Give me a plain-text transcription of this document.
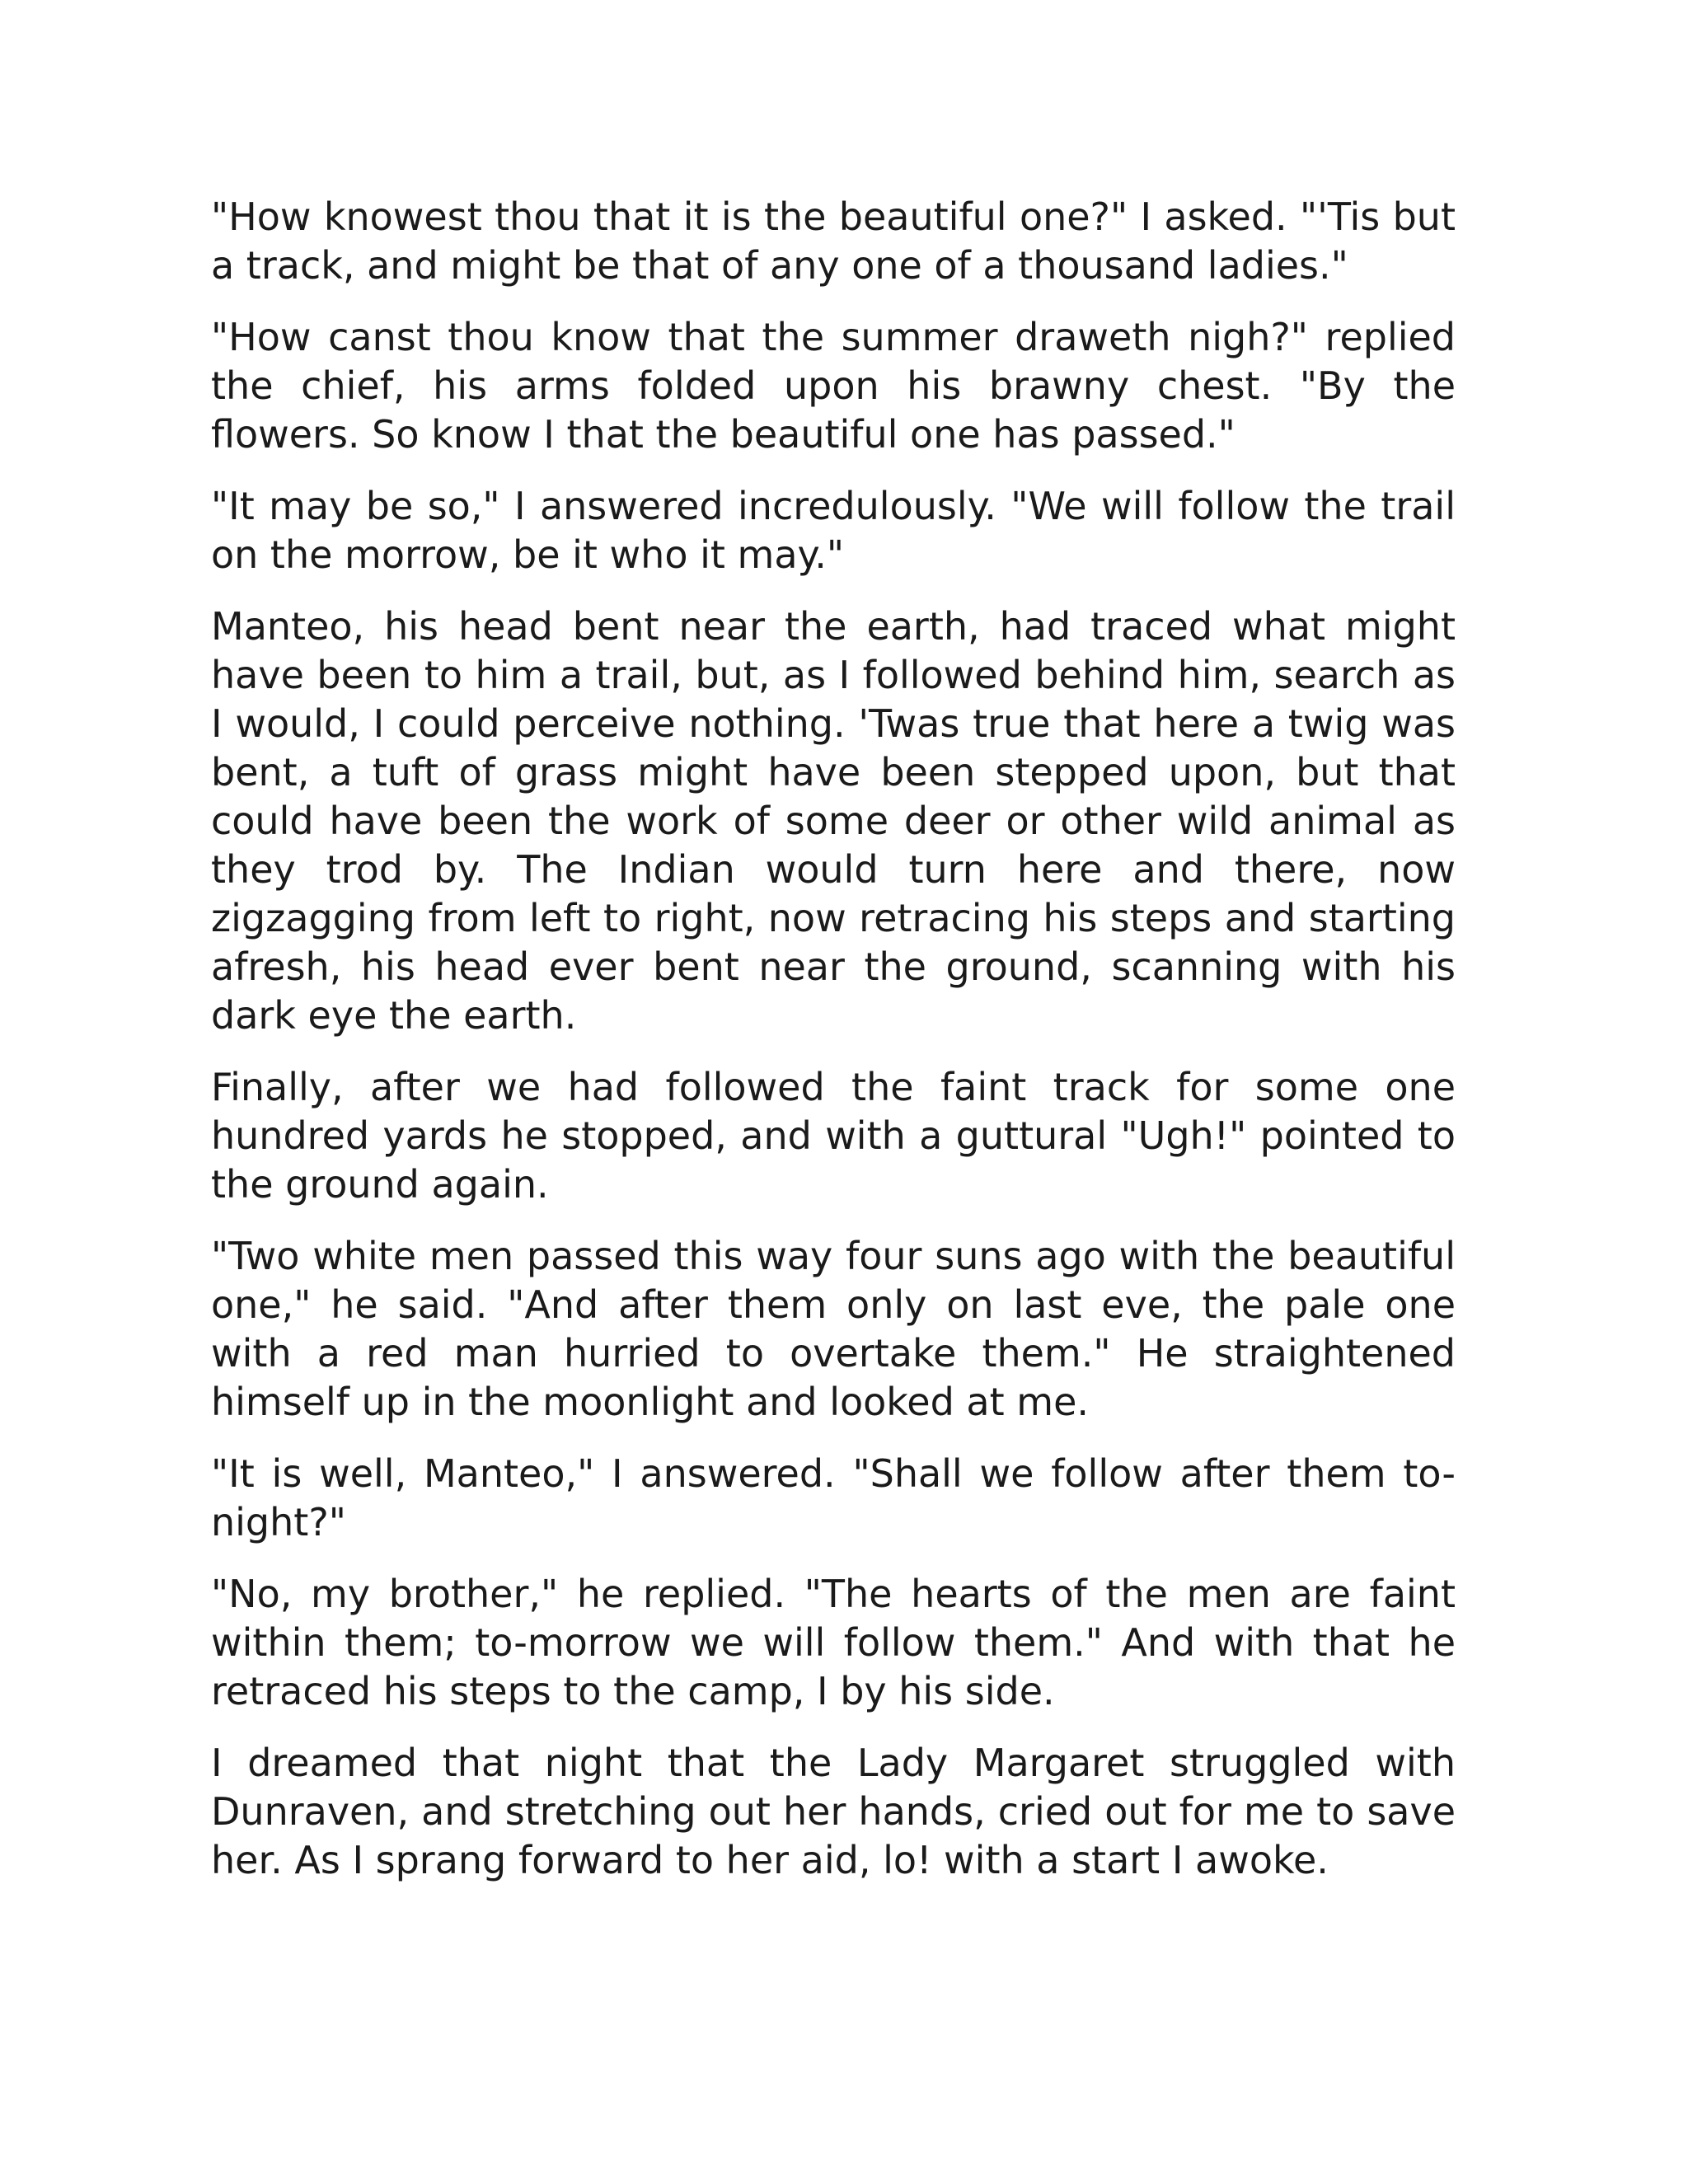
"How knowest thou that it is the beautiful one?" I asked. "'Tis but a track, and might be that of any one of a thousand ladies."

"How canst thou know that the summer draweth nigh?" replied the chief, his arms folded upon his brawny chest. "By the flowers. So know I that the beautiful one has passed."

"It may be so," I answered incredulously. "We will follow the trail on the morrow, be it who it may."

Manteo, his head bent near the earth, had traced what might have been to him a trail, but, as I followed behind him, search as I would, I could perceive nothing. 'Twas true that here a twig was bent, a tuft of grass might have been stepped upon, but that could have been the work of some deer or other wild animal as they trod by. The Indian would turn here and there, now zigzagging from left to right, now retracing his steps and starting afresh, his head ever bent near the ground, scanning with his dark eye the earth.

Finally, after we had followed the faint track for some one hundred yards he stopped, and with a guttural "Ugh!" pointed to the ground again.

"Two white men passed this way four suns ago with the beautiful one," he said. "And after them only on last eve, the pale one with a red man hurried to overtake them." He straightened himself up in the moonlight and looked at me.

"It is well, Manteo," I answered. "Shall we follow after them to-night?"

"No, my brother," he replied. "The hearts of the men are faint within them; to-morrow we will follow them." And with that he retraced his steps to the camp, I by his side.

I dreamed that night that the Lady Margaret struggled with Dunraven, and stretching out her hands, cried out for me to save her. As I sprang forward to her aid, lo! with a start I awoke.
